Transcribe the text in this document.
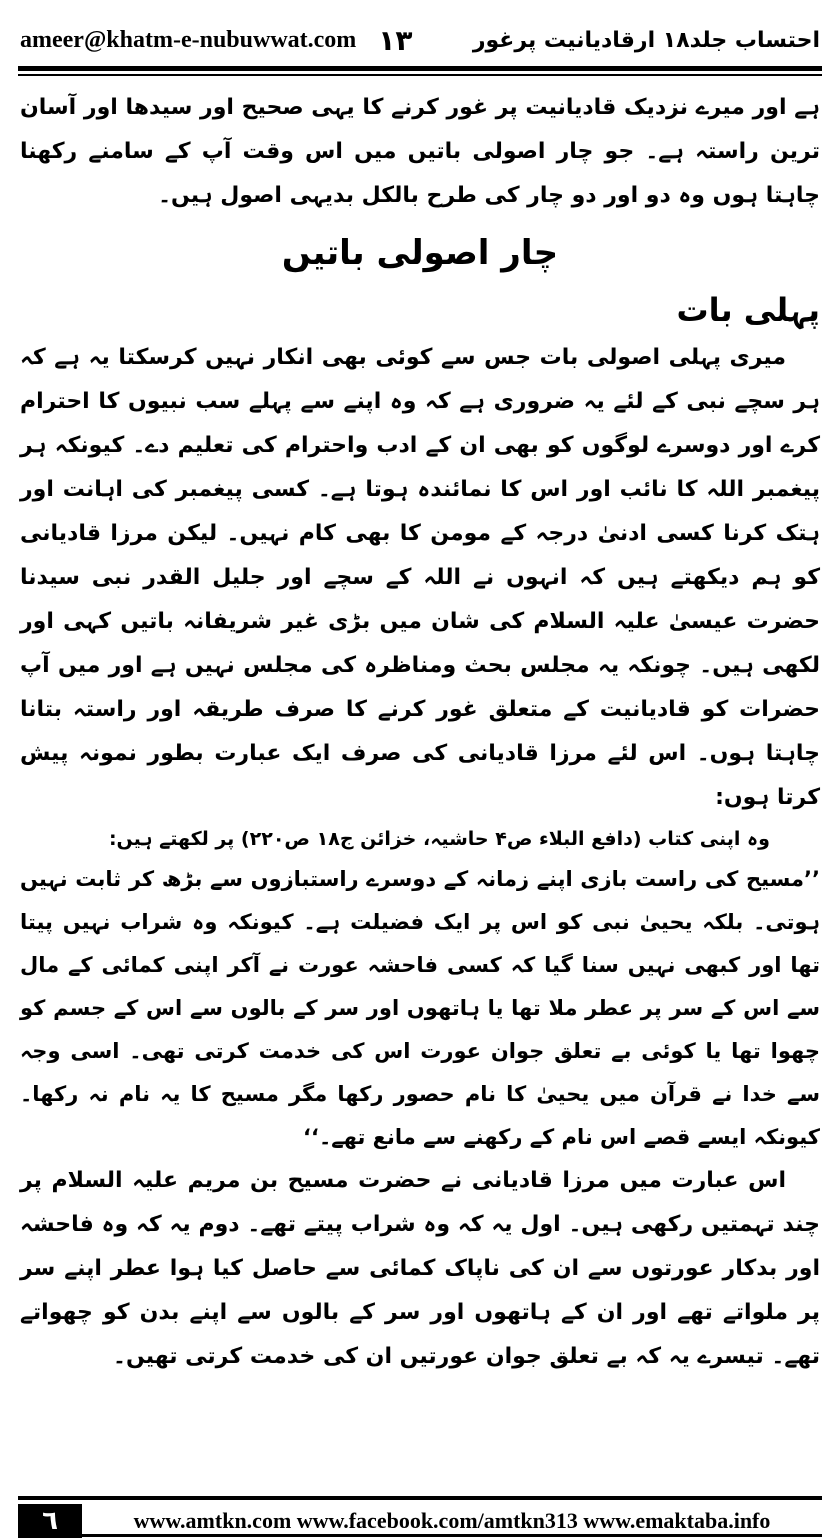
ameer@khatm-e-nubuwwat.com ۱۳	احتساب جلد۱۸ ارقادیانیت پرغور

ہے اور میرے نزدیک قادیانیت پر غور کرنے کا یہی صحیح اور سیدھا اور آسان ترین راستہ ہے۔ جو چار اصولی باتیں میں اس وقت آپ کے سامنے رکھنا چاہتا ہوں وہ دو اور دو چار کی طرح بالکل بدیہی اصول ہیں۔

چار اصولی باتیں

پہلی بات

میری پہلی اصولی بات جس سے کوئی بھی انکار نہیں کرسکتا یہ ہے کہ ہر سچے نبی کے لئے یہ ضروری ہے کہ وہ اپنے سے پہلے سب نبیوں کا احترام کرے اور دوسرے لوگوں کو بھی ان کے ادب واحترام کی تعلیم دے۔ کیونکہ ہر پیغمبر اللہ کا نائب اور اس کا نمائندہ ہوتا ہے۔ کسی پیغمبر کی اہانت اور ہتک کرنا کسی ادنیٰ درجہ کے مومن کا بھی کام نہیں۔ لیکن مرزا قادیانی کو ہم دیکھتے ہیں کہ انہوں نے اللہ کے سچے اور جلیل القدر نبی سیدنا حضرت عیسیٰ علیہ السلام کی شان میں بڑی غیر شریفانہ باتیں کہی اور لکھی ہیں۔ چونکہ یہ مجلس بحث ومناظرہ کی مجلس نہیں ہے اور میں آپ حضرات کو قادیانیت کے متعلق غور کرنے کا صرف طریقہ اور راستہ بتانا چاہتا ہوں۔ اس لئے مرزا قادیانی کی صرف ایک عبارت بطور نمونہ پیش کرتا ہوں:

وہ اپنی کتاب (دافع البلاء ص۴ حاشیہ، خزائن ج۱۸ ص۲۲۰) پر لکھتے ہیں:

’’مسیح کی راست بازی اپنے زمانہ کے دوسرے راستبازوں سے بڑھ کر ثابت نہیں ہوتی۔ بلکہ یحییٰ نبی کو اس پر ایک فضیلت ہے۔ کیونکہ وہ شراب نہیں پیتا تھا اور کبھی نہیں سنا گیا کہ کسی فاحشہ عورت نے آکر اپنی کمائی کے مال سے اس کے سر پر عطر ملا تھا یا ہاتھوں اور سر کے بالوں سے اس کے جسم کو چھوا تھا یا کوئی بے تعلق جوان عورت اس کی خدمت کرتی تھی۔ اسی وجہ سے خدا نے قرآن میں یحییٰ کا نام حصور رکھا مگر مسیح کا یہ نام نہ رکھا۔ کیونکہ ایسے قصے اس نام کے رکھنے سے مانع تھے۔‘‘

اس عبارت میں مرزا قادیانی نے حضرت مسیح بن مریم علیہ السلام پر چند تہمتیں رکھی ہیں۔ اول یہ کہ وہ شراب پیتے تھے۔ دوم یہ کہ وہ فاحشہ اور بدکار عورتوں سے ان کی ناپاک کمائی سے حاصل کیا ہوا عطر اپنے سر پر ملواتے تھے اور ان کے ہاتھوں اور سر کے بالوں سے اپنے بدن کو چھواتے تھے۔ تیسرے یہ کہ بے تعلق جوان عورتیں ان کی خدمت کرتی تھیں۔

٦	www.amtkn.com www.facebook.com/amtkn313 www.emaktaba.info
